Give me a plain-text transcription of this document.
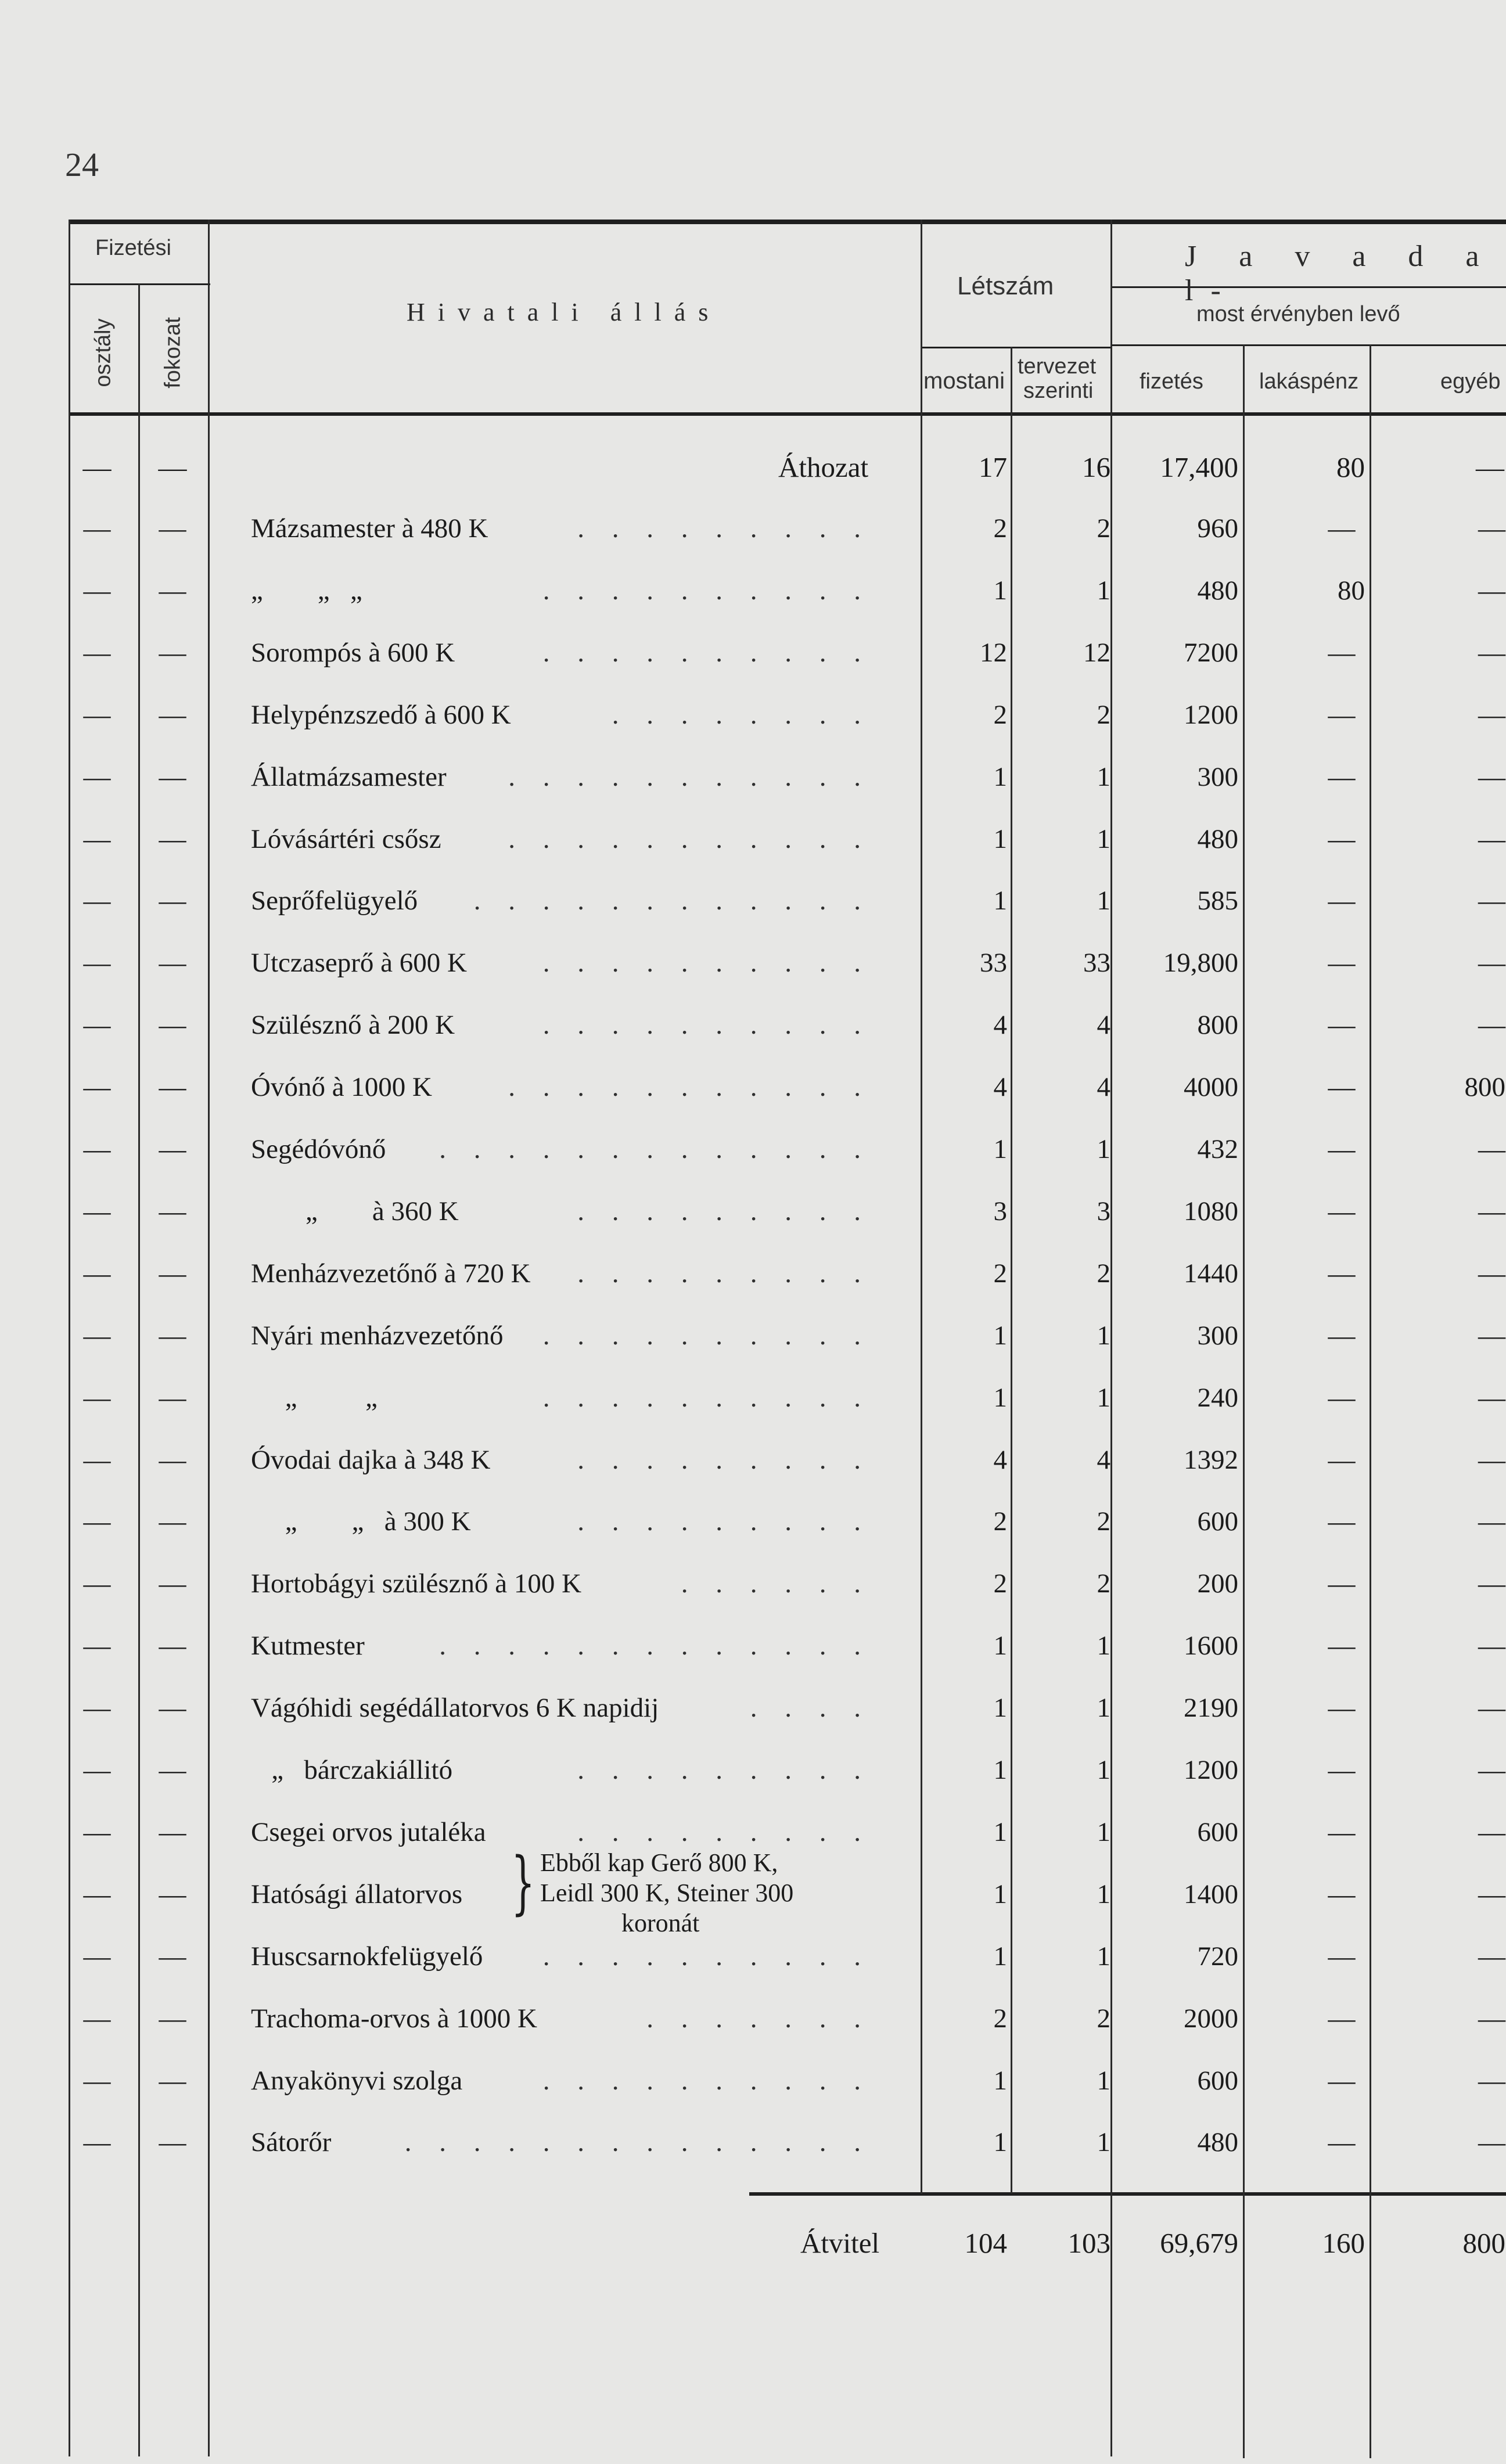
24
Fizetési
osztály fokozat
Hivatali állás
Létszám
mostani
tervezet
szerinti
J a v a d a l-
most érvényben levő
fizetés	lakáspénz	egyéb
— —	Áthozat	17	16	17,400	80	—
— — Mázsamester à 480 K	2	2	960	—	—
. . . . . . . . .
— — „        „   „	1	1	480	80	—
. . . . . . . . . .
— — Sorompós à 600 K	12	12	7200	—	—
. . . . . . . . . .
— — Helypénzszedő à 600 K	2	2	1200	—	—
. . . . . . . .
— — Állatmázsamester	1	1	300	—	—
. . . . . . . . . . .
— — Lóvásártéri csősz	1	1	480	—	—
. . . . . . . . . . .
— — Seprőfelügyelő	1	1	585	—	—
. . . . . . . . . . . .
— — Utczaseprő à 600 K	33	33	19,800	—	—
. . . . . . . . . .
— — Szülésznő à 200 K	4	4	800	—	—
. . . . . . . . . .
— — Óvónő à 1000 K	4	4	4000	—	800
. . . . . . . . . . .
— — Segédóvónő	1	1	432	—	—
. . . . . . . . . . . . .
— — „        à 360 K	3	3	1080	—	—
. . . . . . . . .
— — Menházvezetőnő à 720 K	2	2	1440	—	—
. . . . . . . . .
— — Nyári menházvezetőnő	1	1	300	—	—
. . . . . . . . . .
— — „          „	1	1	240	—	—
. . . . . . . . . .
— — Óvodai dajka à 348 K	4	4	1392	—	—
. . . . . . . . .
— — „        „   à 300 K	2	2	600	—	—
. . . . . . . . .
— — Hortobágyi szülésznő à 100 K	2	2	200	—	—
. . . . . .
— — Kutmester	1	1	1600	—	—
. . . . . . . . . . . . .
— — Vágóhidi segédállatorvos 6 K napidij	1	1	2190	—	—
. . . .
— — „   bárczakiállitó	1	1	1200	—	—
. . . . . . . . .
— — Csegei orvos jutaléka	1	1	600	—	—
. . . . . . . . .
— — Hatósági állatorvos	1	1	1400	—	—
— — Huscsarnokfelügyelő	1	1	720	—	—
. . . . . . . . . .
— — Trachoma-orvos à 1000 K	2	2	2000	—	—
. . . . . . .
— — Anyakönyvi szolga	1	1	600	—	—
. . . . . . . . . .
— — Sátorőr	1	1	480	—	—
. . . . . . . . . . . . . .
} Ebből kap Gerő 800 K,
Leidl 300 K, Steiner 300
koronát
Átvitel	104	103	69,679	160	800
